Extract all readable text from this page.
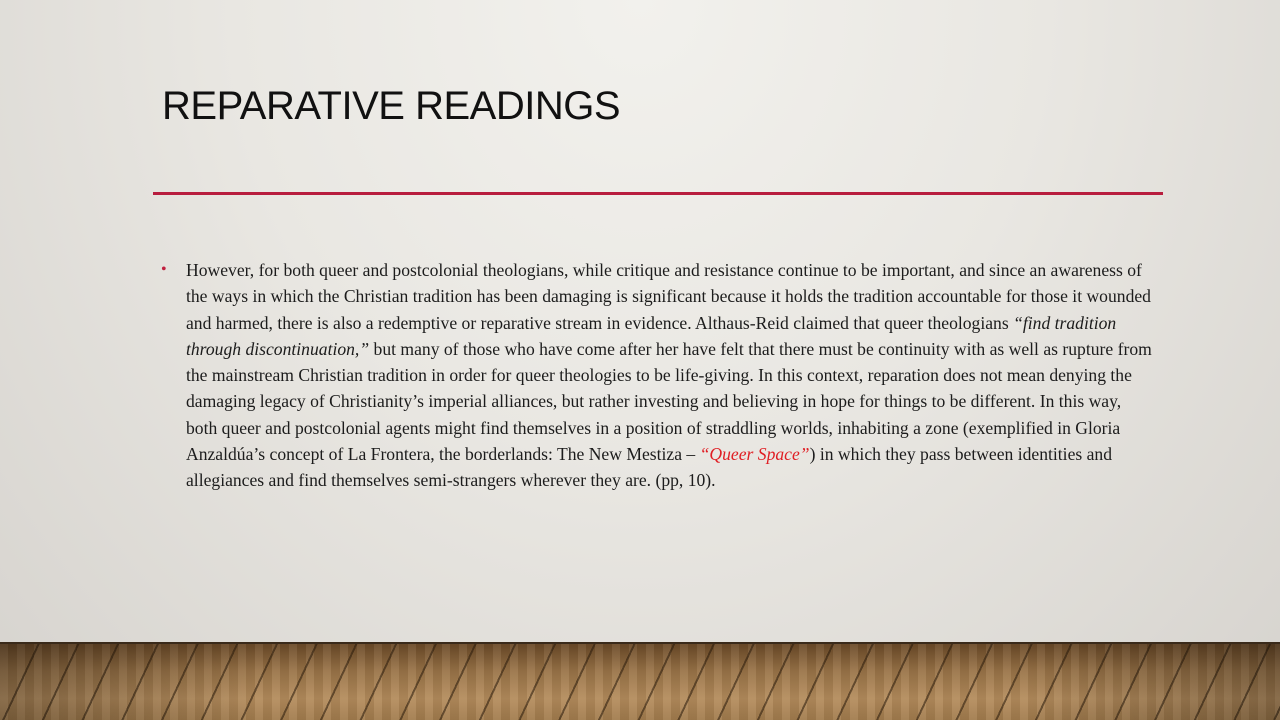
REPARATIVE READINGS
• However, for both queer and postcolonial theologians, while critique and resistance continue to be important, and since an awareness of the ways in which the Christian tradition has been damaging is significant because it holds the tradition accountable for those it wounded and harmed, there is also a redemptive or reparative stream in evidence. Althaus-Reid claimed that queer theologians “find tradition through discontinuation,” but many of those who have come after her have felt that there must be continuity with as well as rupture from the mainstream Christian tradition in order for queer theologies to be life-giving. In this context, reparation does not mean denying the damaging legacy of Christianity’s imperial alliances, but rather investing and believing in hope for things to be different. In this way, both queer and postcolonial agents might find themselves in a position of straddling worlds, inhabiting a zone (exemplified in Gloria Anzaldúa’s concept of La Frontera, the borderlands: The New Mestiza – “Queer Space”) in which they pass between identities and allegiances and find themselves semi-strangers wherever they are. (pp, 10).
